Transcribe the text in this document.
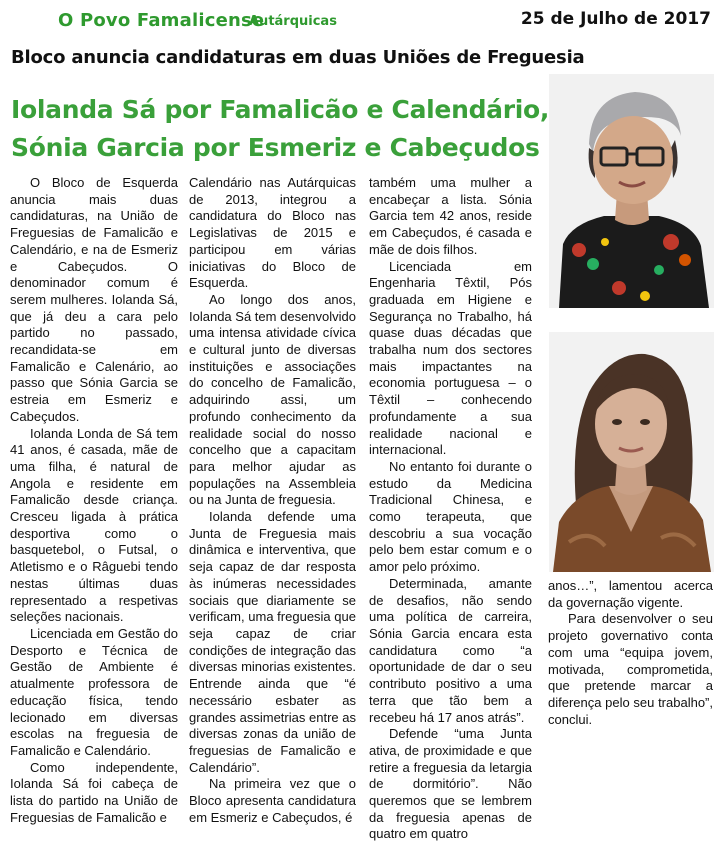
O Povo Famalicense
Autárquicas	25 de Julho de 2017
Bloco anuncia candidaturas em duas Uniões de Freguesia
Iolanda Sá por Famalicão e Calendário,
Sónia Garcia por Esmeriz e Cabeçudos

O Bloco de Esquerda anuncia mais duas candidaturas, na União de Freguesias de Famalicão e Calendário, e na de Esmeriz e Cabeçudos. O denominador comum é serem mulheres. Iolanda Sá, que já deu a cara pelo partido no passado, recandidata-se em Famalicão e Calenário, ao passo que Sónia Garcia se estreia em Esmeriz e Cabeçudos.

Iolanda Londa de Sá tem 41 anos, é casada, mãe de uma filha, é natural de Angola e residente em Famalicão desde criança. Cresceu ligada à prática desportiva como o basquetebol, o Futsal, o Atletismo e o Râguebi tendo nestas últimas duas representado a respetivas seleções nacionais.

Licenciada em Gestão do Desporto e Técnica de Gestão de Ambiente é atualmente professora de educação física, tendo lecionado em diversas escolas na freguesia de Famalicão e Calendário.

Como independente, Iolanda Sá foi cabeça de lista do partido na União de Freguesias de Famalicão e

Calendário nas Autárquicas de 2013, integrou a candidatura do Bloco nas Legislativas de 2015 e participou em várias iniciativas do Bloco de Esquerda.

Ao longo dos anos, Iolanda Sá tem desenvolvido uma intensa atividade cívica e cultural junto de diversas instituições e associações do concelho de Famalicão, adquirindo assi, um profundo conhecimento da realidade social do nosso concelho que a capacitam para melhor ajudar as populações na Assembleia ou na Junta de freguesia.

Iolanda defende uma Junta de Freguesia mais dinâmica e interventiva, que seja capaz de dar resposta às inúmeras necessidades sociais que diariamente se verificam, uma freguesia que seja capaz de criar condições de integração das diversas minorias existentes. Entrende ainda que “é necessário esbater as grandes assimetrias entre as diversas zonas da união de freguesias de Famalicão e Calendário”.

Na primeira vez que o Bloco apresenta candidatura em Esmeriz e Cabeçudos, é

também uma mulher a encabeçar a lista. Sónia Garcia tem 42 anos, reside em Cabeçudos, é casada e mãe de dois filhos.

Licenciada em Engenharia Têxtil, Pós graduada em Higiene e Segurança no Trabalho, há quase duas décadas que trabalha num dos sectores mais impactantes na economia portuguesa – o Têxtil – conhecendo profundamente a sua realidade nacional e internacional.

No entanto foi durante o estudo da Medicina Tradicional Chinesa, e como terapeuta, que descobriu a sua vocação pelo bem estar comum e o amor pelo próximo.

Determinada, amante de desafios, não sendo uma política de carreira, Sónia Garcia encara esta candidatura como “a oportunidade de dar o seu contributo positivo a uma terra que tão bem a recebeu há 17 anos atrás”.

Defende “uma Junta ativa, de proximidade e que retire a freguesia da letargia de dormitório”. Não queremos que se lembrem da freguesia apenas de quatro em quatro

anos…”, lamentou acerca da governação vigente.

Para desenvolver o seu projeto governativo conta com uma “equipa jovem, motivada, comprometida, que pretende marcar a diferença pelo seu trabalho”, conclui.
